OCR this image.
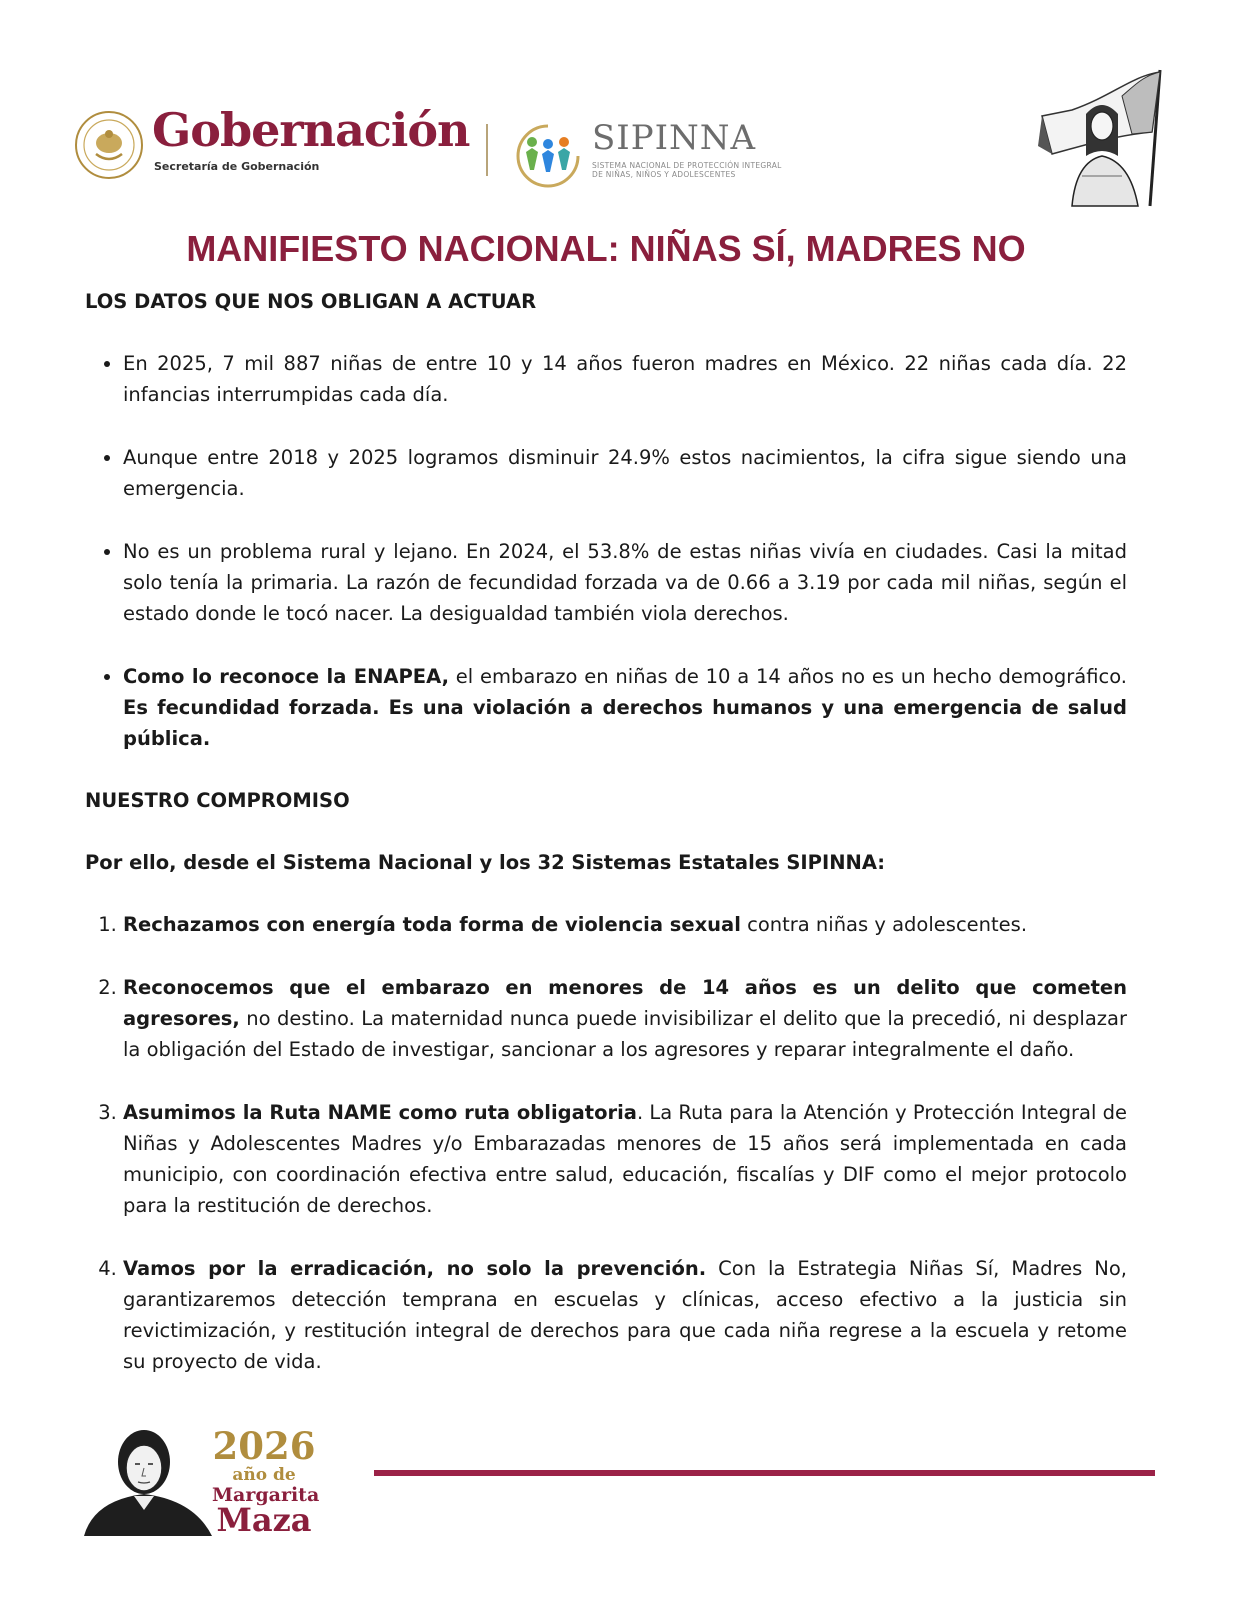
Gobernación
Secretaría de Gobernación
SIPINNA
SISTEMA NACIONAL DE PROTECCIÓN INTEGRAL DE NIÑAS, NIÑOS Y ADOLESCENTES
MANIFIESTO NACIONAL: NIÑAS SÍ, MADRES NO

LOS DATOS QUE NOS OBLIGAN A ACTUAR

• En 2025, 7 mil 887 niñas de entre 10 y 14 años fueron madres en México. 22 niñas cada día. 22 infancias interrumpidas cada día.
• Aunque entre 2018 y 2025 logramos disminuir 24.9% estos nacimientos, la cifra sigue siendo una emergencia.
• No es un problema rural y lejano. En 2024, el 53.8% de estas niñas vivía en ciudades. Casi la mitad solo tenía la primaria. La razón de fecundidad forzada va de 0.66 a 3.19 por cada mil niñas, según el estado donde le tocó nacer. La desigualdad también viola derechos.
• Como lo reconoce la ENAPEA, el embarazo en niñas de 10 a 14 años no es un hecho demográfico. Es fecundidad forzada. Es una violación a derechos humanos y una emergencia de salud pública.

NUESTRO COMPROMISO

Por ello, desde el Sistema Nacional y los 32 Sistemas Estatales SIPINNA:

1. Rechazamos con energía toda forma de violencia sexual contra niñas y adolescentes.
2. Reconocemos que el embarazo en menores de 14 años es un delito que cometen agresores, no destino. La maternidad nunca puede invisibilizar el delito que la precedió, ni desplazar la obligación del Estado de investigar, sancionar a los agresores y reparar integralmente el daño.
3. Asumimos la Ruta NAME como ruta obligatoria. La Ruta para la Atención y Protección Integral de Niñas y Adolescentes Madres y/o Embarazadas menores de 15 años será implementada en cada municipio, con coordinación efectiva entre salud, educación, fiscalías y DIF como el mejor protocolo para la restitución de derechos.
4. Vamos por la erradicación, no solo la prevención. Con la Estrategia Niñas Sí, Madres No, garantizaremos detección temprana en escuelas y clínicas, acceso efectivo a la justicia sin revictimización, y restitución integral de derechos para que cada niña regrese a la escuela y retome su proyecto de vida.
2026
año de
Margarita
Maza
